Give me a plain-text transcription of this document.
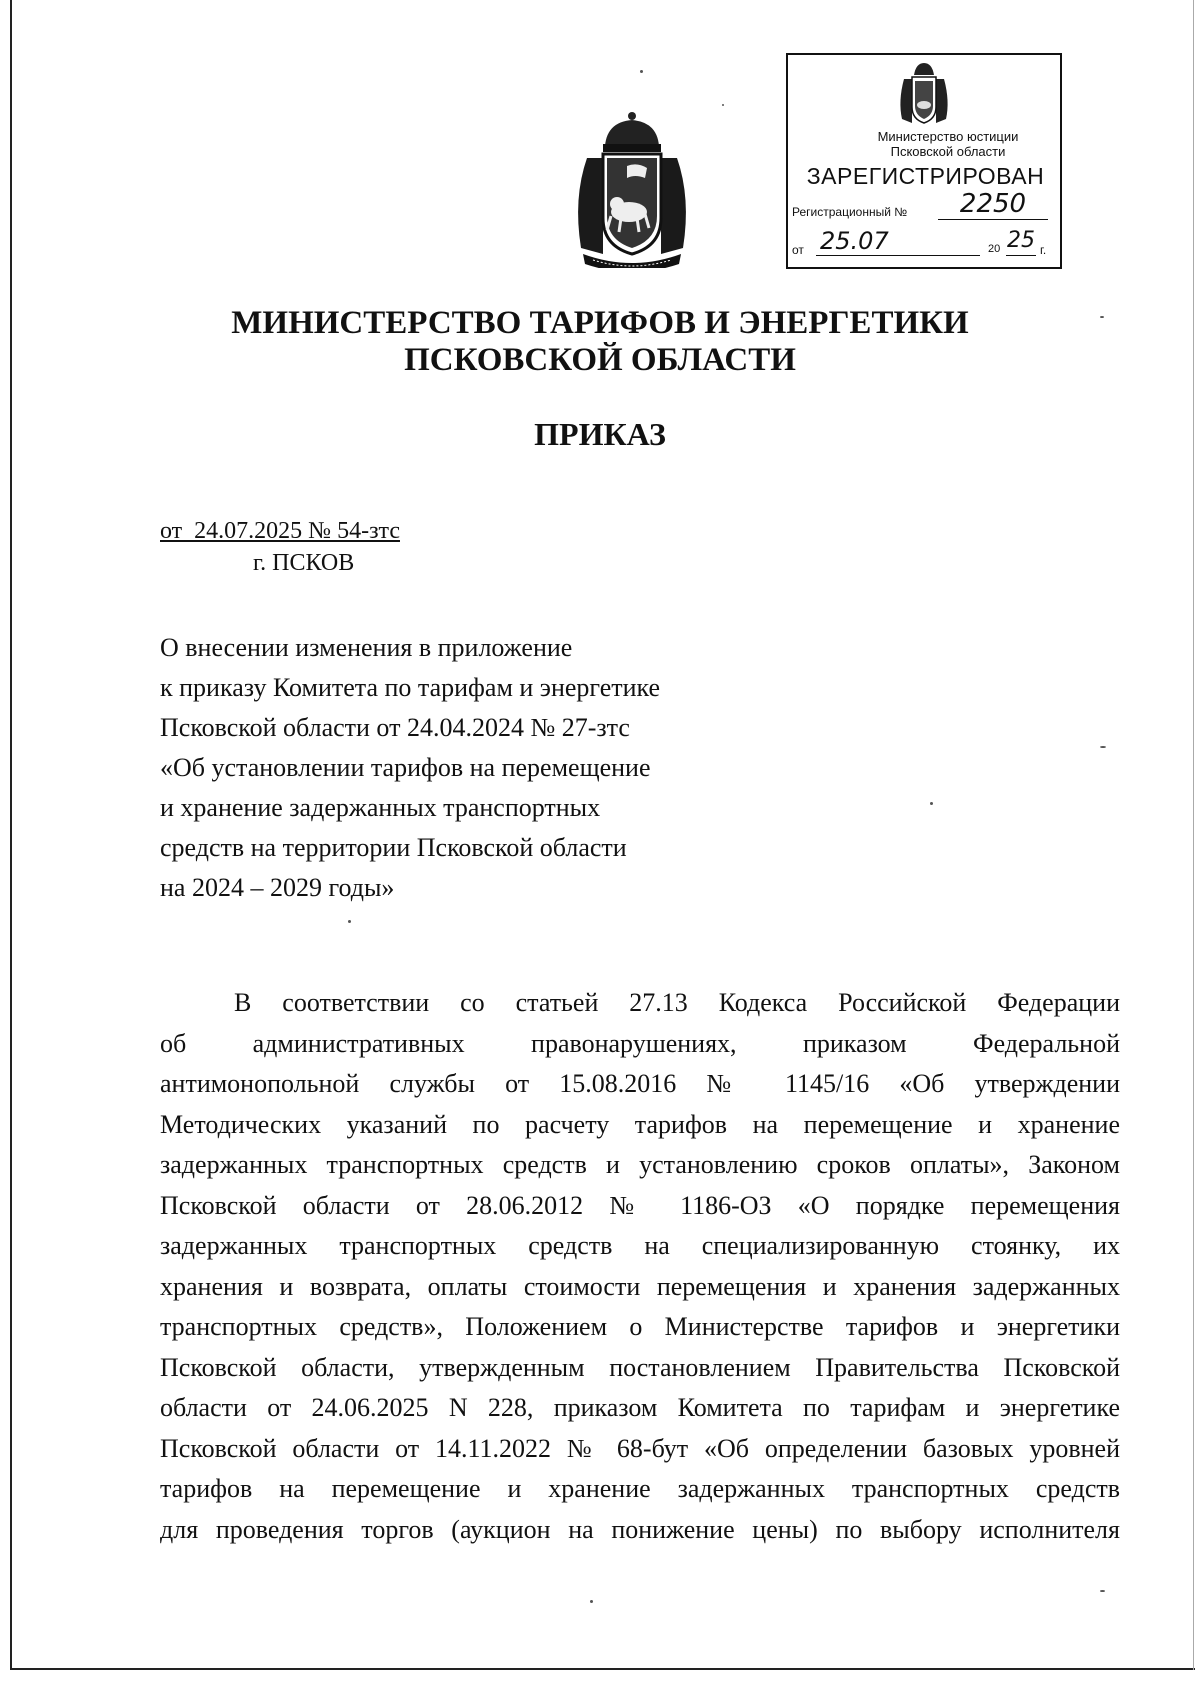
Министерство юстиции Псковской области
ЗАРЕГИСТРИРОВАН
Регистрационный №	2250
от 25.07	20 25 г.
МИНИСТЕРСТВО ТАРИФОВ И ЭНЕРГЕТИКИ
ПСКОВСКОЙ ОБЛАСТИ
ПРИКАЗ
от  24.07.2025 № 54-зтс
г. ПСКОВ
О внесении изменения в приложение
к приказу Комитета по тарифам и энергетике
Псковской области от 24.04.2024 № 27-зтс
«Об установлении тарифов на перемещение
и хранение задержанных транспортных
средств на территории Псковской области
на 2024 – 2029 годы»
В соответствии со статьей 27.13 Кодекса Российской Федерации
об административных правонарушениях, приказом Федеральной
антимонопольной службы от 15.08.2016 № 1145/16 «Об утверждении
Методических указаний по расчету тарифов на перемещение и хранение
задержанных транспортных средств и установлению сроков оплаты», Законом
Псковской области от 28.06.2012 № 1186-ОЗ «О порядке перемещения
задержанных транспортных средств на специализированную стоянку, их
хранения и возврата, оплаты стоимости перемещения и хранения задержанных
транспортных средств», Положением о Министерстве тарифов и энергетики
Псковской области, утвержденным постановлением Правительства Псковской
области от 24.06.2025 N 228, приказом Комитета по тарифам и энергетике
Псковской области от 14.11.2022 № 68-бут «Об определении базовых уровней
тарифов на перемещение и хранение задержанных транспортных средств
для проведения торгов (аукцион на понижение цены) по выбору исполнителя
